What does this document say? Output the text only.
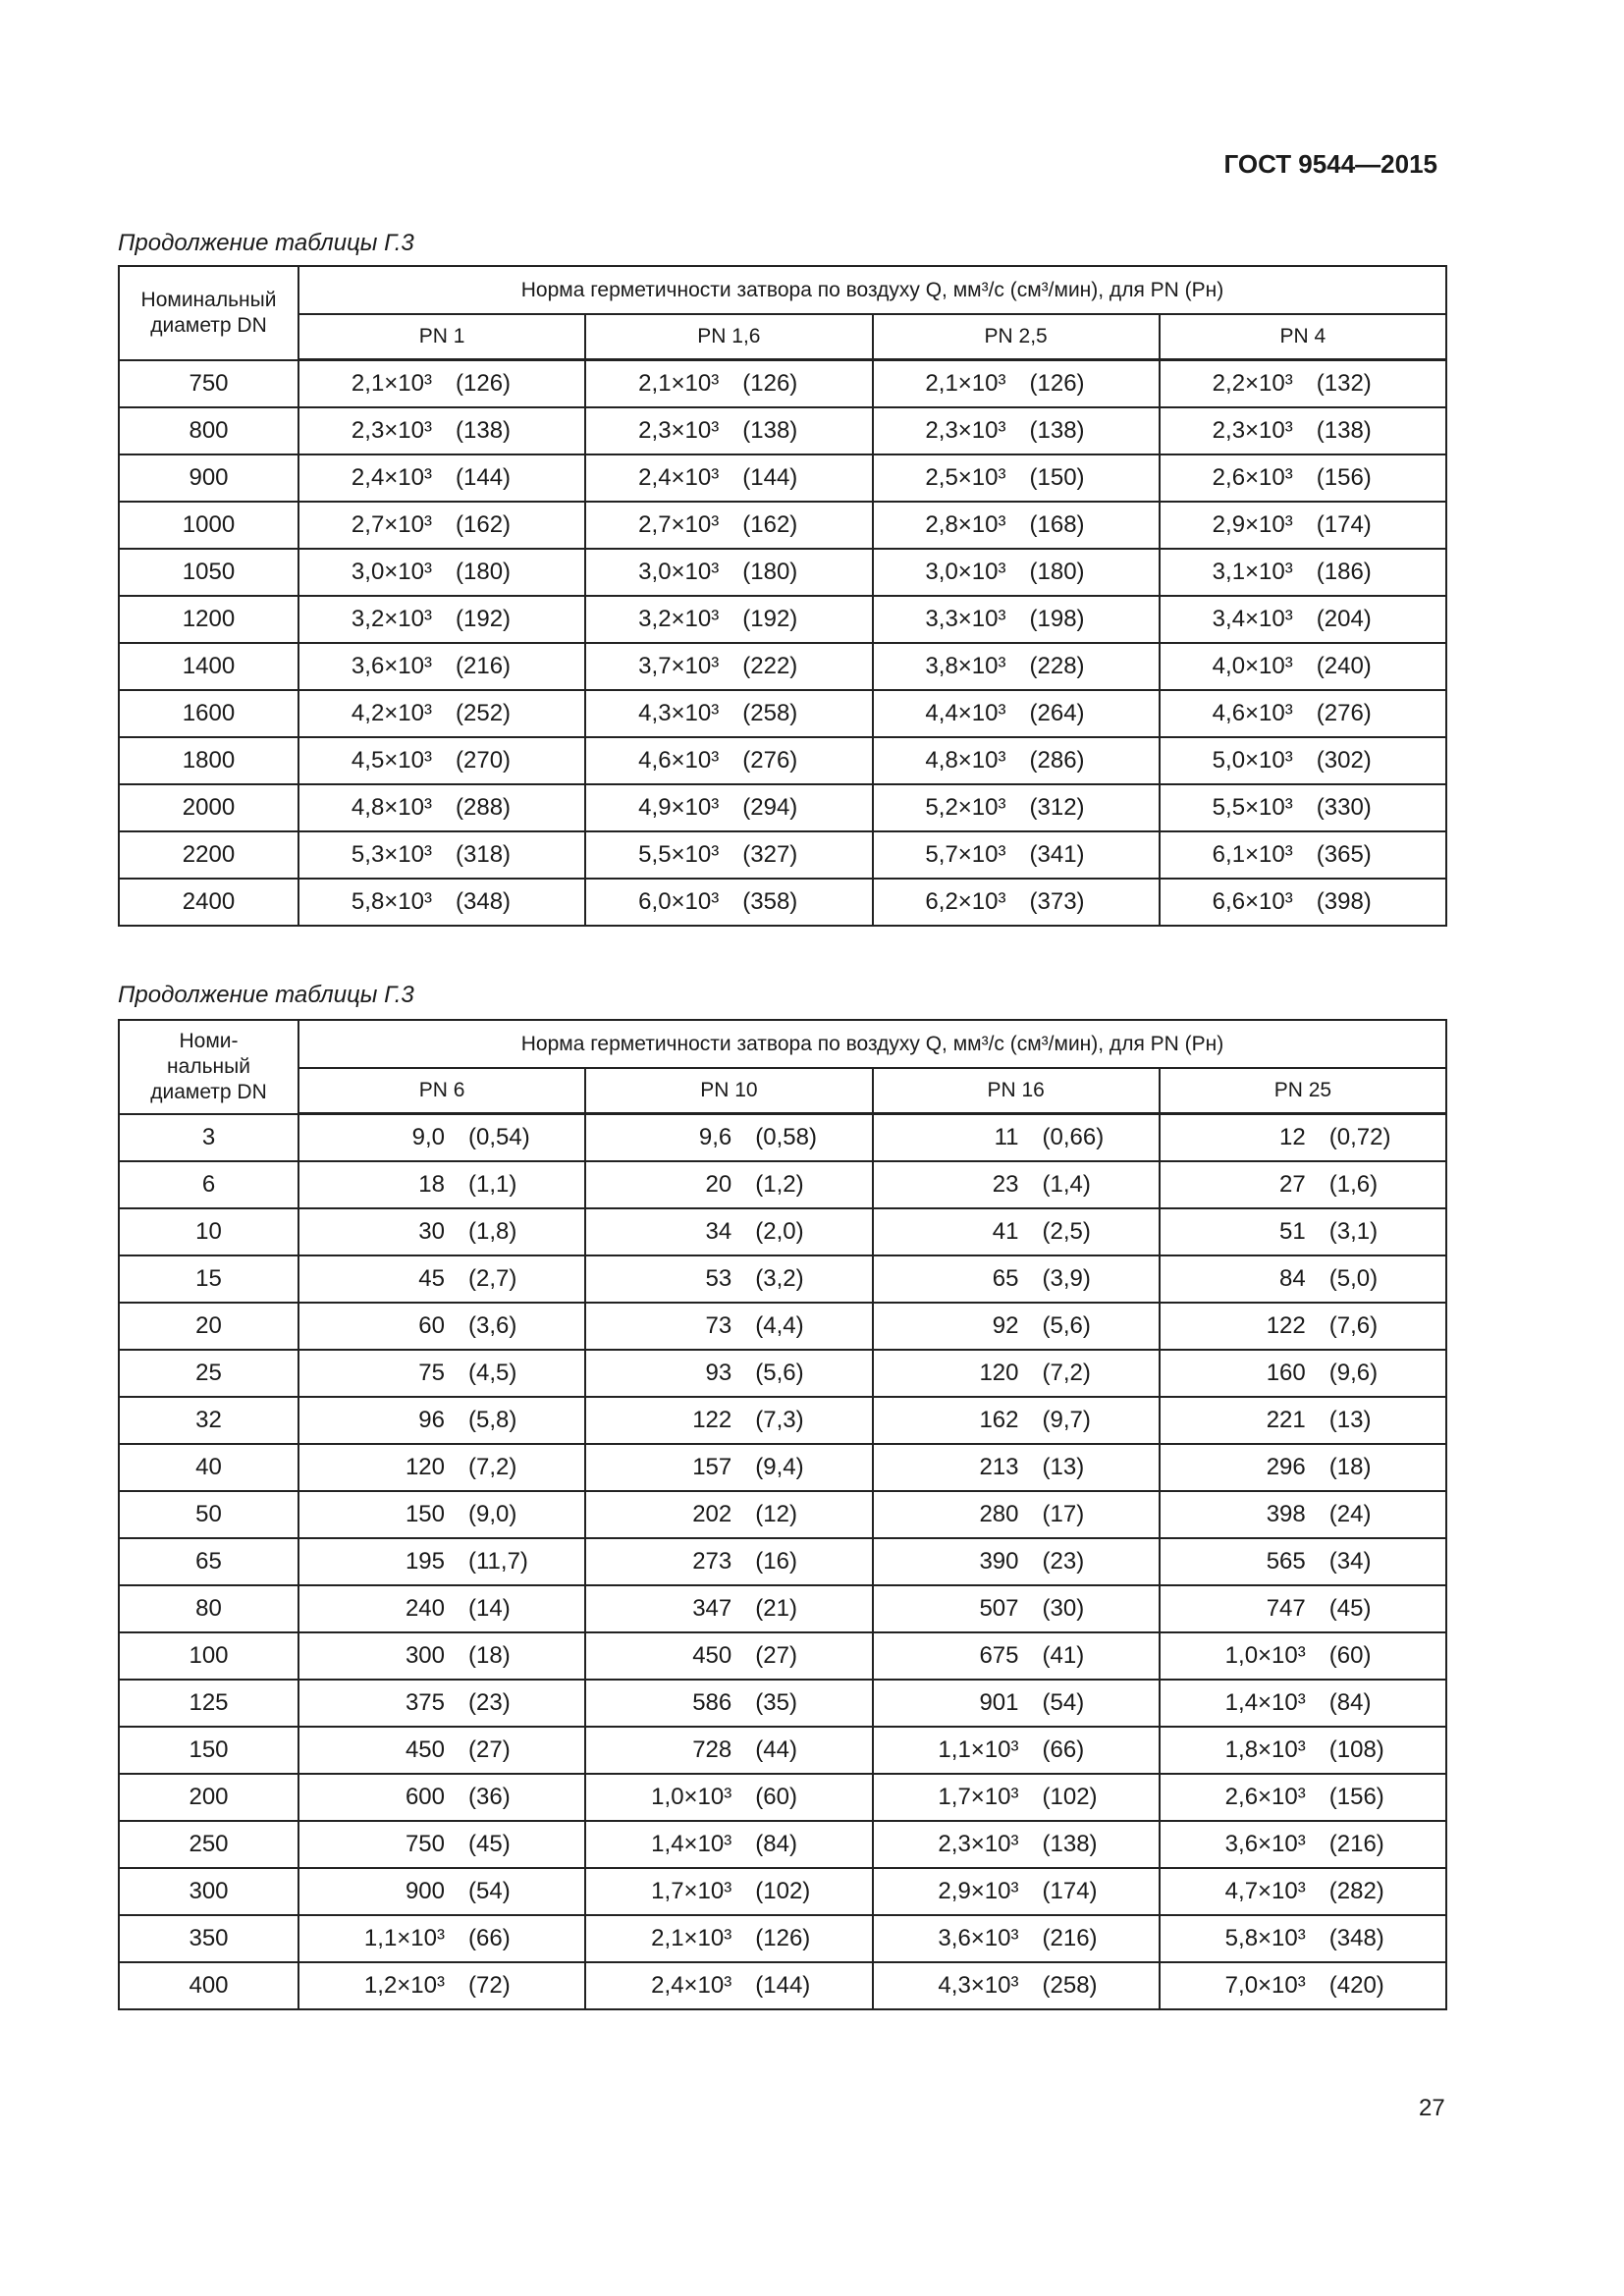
ГОСТ 9544—2015
Продолжение таблицы Г.3
Номинальный
диаметр DN	Норма герметичности затвора по воздуху Q, мм³/с (см³/мин), для PN (Pн)			
	PN 1	PN 1,6	PN 2,5	PN 4
750	2,1×10³ (126)	2,1×10³ (126)	2,1×10³ (126)	2,2×10³ (132)

800	2,3×10³ (138)	2,3×10³ (138)	2,3×10³ (138)	2,3×10³ (138)

900	2,4×10³ (144)	2,4×10³ (144)	2,5×10³ (150)	2,6×10³ (156)

1000	2,7×10³ (162)	2,7×10³ (162)	2,8×10³ (168)	2,9×10³ (174)

1050	3,0×10³ (180)	3,0×10³ (180)	3,0×10³ (180)	3,1×10³ (186)

1200	3,2×10³ (192)	3,2×10³ (192)	3,3×10³ (198)	3,4×10³ (204)

1400	3,6×10³ (216)	3,7×10³ (222)	3,8×10³ (228)	4,0×10³ (240)

1600	4,2×10³ (252)	4,3×10³ (258)	4,4×10³ (264)	4,6×10³ (276)

1800	4,5×10³ (270)	4,6×10³ (276)	4,8×10³ (286)	5,0×10³ (302)

2000	4,8×10³ (288)	4,9×10³ (294)	5,2×10³ (312)	5,5×10³ (330)

2200	5,3×10³ (318)	5,5×10³ (327)	5,7×10³ (341)	6,1×10³ (365)

2400	5,8×10³ (348)	6,0×10³ (358)	6,2×10³ (373)	6,6×10³ (398)
Продолжение таблицы Г.3
Номи-
нальный
диаметр DN	Норма герметичности затвора по воздуху Q, мм³/с (см³/мин), для PN (Pн)			
	PN 6	PN 10	PN 16	PN 25
3	9,0 (0,54)	9,6 (0,58)	11 (0,66)	12 (0,72)

6	18 (1,1)	20 (1,2)	23 (1,4)	27 (1,6)

10	30 (1,8)	34 (2,0)	41 (2,5)	51 (3,1)

15	45 (2,7)	53 (3,2)	65 (3,9)	84 (5,0)

20	60 (3,6)	73 (4,4)	92 (5,6)	122 (7,6)

25	75 (4,5)	93 (5,6)	120 (7,2)	160 (9,6)

32	96 (5,8)	122 (7,3)	162 (9,7)	221 (13)

40	120 (7,2)	157 (9,4)	213 (13)	296 (18)

50	150 (9,0)	202 (12)	280 (17)	398 (24)

65	195 (11,7)	273 (16)	390 (23)	565 (34)

80	240 (14)	347 (21)	507 (30)	747 (45)

100	300 (18)	450 (27)	675 (41)	1,0×10³ (60)

125	375 (23)	586 (35)	901 (54)	1,4×10³ (84)

150	450 (27)	728 (44)	1,1×10³ (66)	1,8×10³ (108)

200	600 (36)	1,0×10³ (60)	1,7×10³ (102)	2,6×10³ (156)

250	750 (45)	1,4×10³ (84)	2,3×10³ (138)	3,6×10³ (216)

300	900 (54)	1,7×10³ (102)	2,9×10³ (174)	4,7×10³ (282)

350	1,1×10³ (66)	2,1×10³ (126)	3,6×10³ (216)	5,8×10³ (348)

400	1,2×10³ (72)	2,4×10³ (144)	4,3×10³ (258)	7,0×10³ (420)
27
